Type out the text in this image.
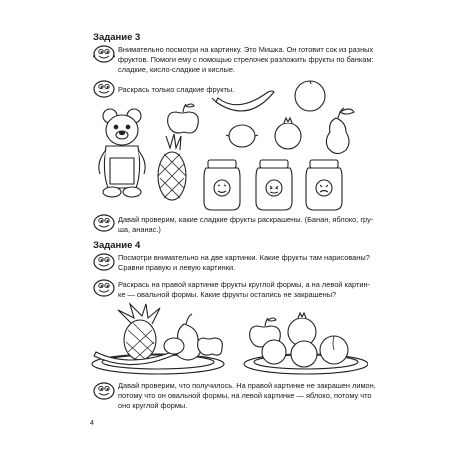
Задание 3
Внимательно посмотри на картинку. Это Мишка. Он готовит сок из разных
фруктов. Помоги ему с помощью стрелочек разложить фрукты по банкам:
сладкие, кисло-сладкие и кислые.
Раскрась только сладкие фрукты.
Давай проверим, какие сладкие фрукты раскрашены. (Банан, яблоко, гру-
ша, ананас.)
Задание 4
Посмотри внимательно на две картинки. Какие фрукты там нарисованы?
Сравни правую и левую картинки.
Раскрась на правой картинке фрукты круглой формы, а на левой картин-
ке — овальной формы. Какие фрукты остались не закрашены?
Давай проверим, что получилось. На правой картинке не закрашен лимон,
потому что он овальной формы, на левой картинке — яблоко, потому что
оно круглой формы.
4
